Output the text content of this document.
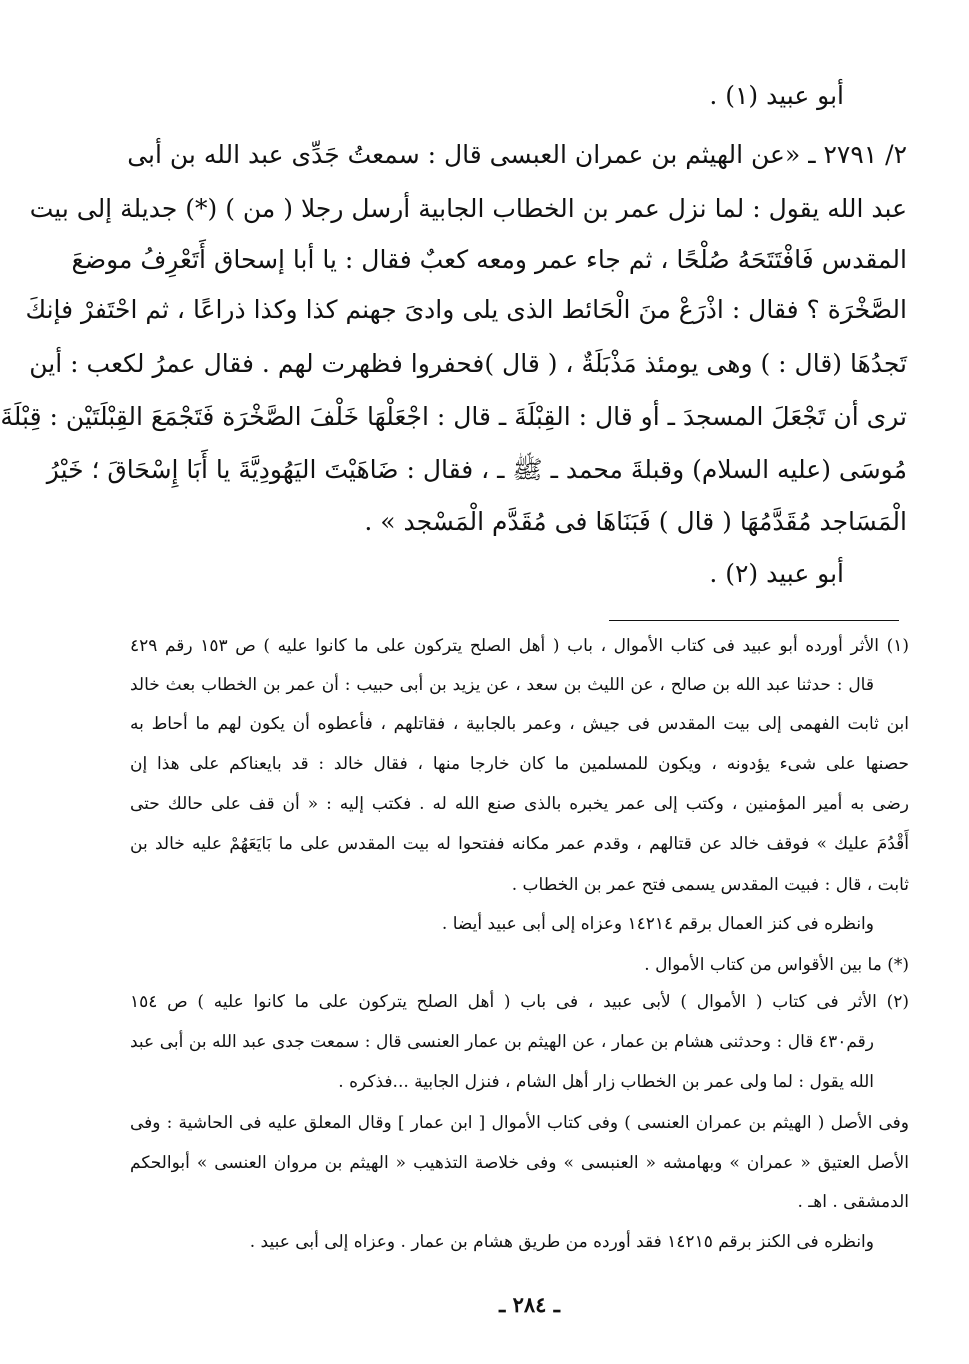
أبو عبيد (١) .
٢/ ٢٧٩١ ـ «عن الهيثم بن عمران العبسى قال : سمعتُ جَدِّى عبد الله بن أبى
عبد الله يقول : لما نزل عمر بن الخطاب الجابية أرسل رجلا ( من ) (*) جديلة إلى بيت
المقدس فَافْتَتَحَهُ صُلْحًا ، ثم جاء عمر ومعه كعبٌ فقال : يا أبا إسحاق أَتَعْرِفُ موضعَ
الصَّخْرَة ؟ فقال : اذْرَعْ منَ الْحَائط الذى يلى وادىَ جهنم كذا وكذا ذراعًا ، ثم احْتَفرْ فإنكَ
تَجدُهَا (قال : ) وهى يومئذ مَذْبَلَةٌ ، ( قال )فحفروا فظهرت لهم . فقال عمرُ لكعب : أين
ترى أن تَجْعَلَ المسجدَ ـ أو قال : القِبْلَةَ ـ قال : اجْعَلْهَا خَلْفَ الصَّخْرَة فَتَجْمَعَ القِبْلَتَيْن : قِبْلَةَ
مُوسَى (عليه السلام) وقبلةَ محمد ـ ﷺ ـ ، فقال : ضَاهَيْتَ اليَهُودِيَّةَ يا أَبَا إِسْحَاقَ ؛ خَيْرُ
الْمَسَاجد مُقَدَّمُهَا ( قال ) فَبَنَاهَا فى مُقَدَّم الْمَسْجد » .
أبو عبيد (٢) .
(١) الأثر أورده أبو عبيد فى كتاب الأموال ، باب ( أهل الصلح يتركون على ما كانوا عليه ) ص ١٥٣ رقم ٤٢٩
قال : حدثنا عبد الله بن صالح ، عن الليث بن سعد ، عن يزيد بن أبى حبيب : أن عمر بن الخطاب بعث خالد
ابن ثابت الفهمى إلى بيت المقدس فى جيش ، وعمر بالجابية ، فقاتلهم ، فأعطوه أن يكون لهم ما أحاط به
حصنها على شىء يؤدونه ، ويكون للمسلمين ما كان خارجا منها ، فقال خالد : قد بايعناكم على هذا إن
رضى به أمير المؤمنين ، وكتب إلى عمر يخبره بالذى صنع الله له . فكتب إليه : « أن قف على حالك حتى
أَقْدُمَ عليك » فوقف خالد عن قتالهم ، وقدم عمر مكانه ففتحوا له بيت المقدس على ما بَايَعَهُمْ عليه خالد بن
ثابت ، قال : فبيت المقدس يسمى فتح عمر بن الخطاب .
وانظره فى كنز العمال برقم ١٤٢١٤ وعزاه إلى أبى عبيد أيضا .
(*) ما بين الأقواس من كتاب الأموال .
(٢) الأثر فى كتاب ( الأموال ) لأبى عبيد ، فى باب ( أهل الصلح يتركون على ما كانوا عليه ) ص ١٥٤
رقم٤٣٠ قال : وحدثنى هشام بن عمار ، عن الهيثم بن عمار العنسى قال : سمعت جدى عبد الله بن أبى عبد
الله يقول : لما ولى عمر بن الخطاب زار أهل الشام ، فنزل الجابية ...فذكره .
وفى الأصل ( الهيثم بن عمران العنسى ) وفى كتاب الأموال [ ابن عمار ] وقال المعلق عليه فى الحاشية : وفى
الأصل العتيق « عمران » وبهامشه « العنبسى » وفى خلاصة التذهيب « الهيثم بن مروان العنسى » أبوالحكم
الدمشقى . اهـ .
وانظره فى الكنز برقم ١٤٢١٥ فقد أورده من طريق هشام بن عمار . وعزاه إلى أبى عبيد .
ـ ٢٨٤ ـ
